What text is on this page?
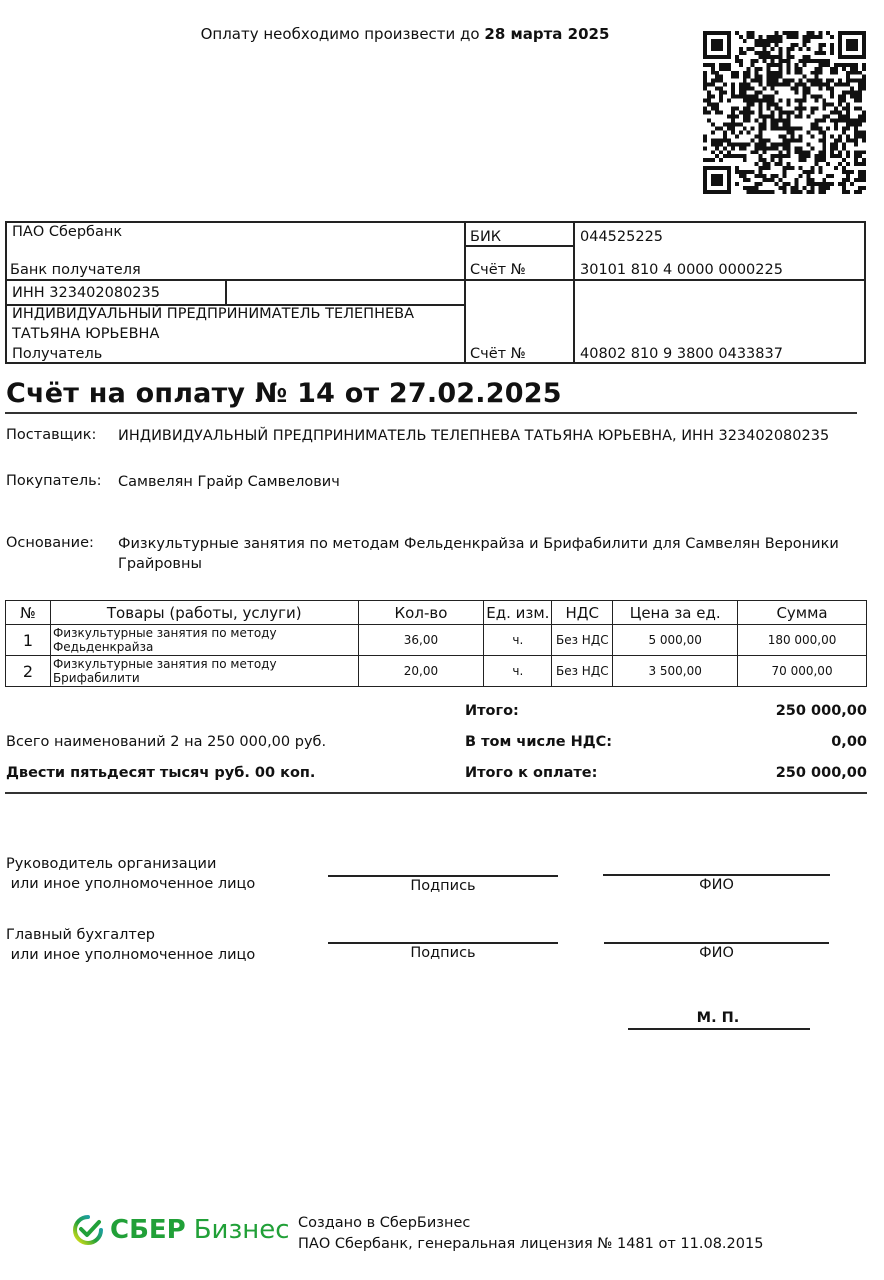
Оплату необходимо произвести до 28 марта 2025
ПАО Сбербанк
Банк получателя
БИК	044525225
Счёт №	30101 810 4 0000 0000225
ИНН 323402080235
ИНДИВИДУАЛЬНЫЙ ПРЕДПРИНИМАТЕЛЬ ТЕЛЕПНЕВА
ТАТЬЯНА ЮРЬЕВНА
Получатель	Счёт №	40802 810 9 3800 0433837
Счёт на оплату № 14 от 27.02.2025
Поставщик: ИНДИВИДУАЛЬНЫЙ ПРЕДПРИНИМАТЕЛЬ ТЕЛЕПНЕВА ТАТЬЯНА ЮРЬЕВНА, ИНН 323402080235
Покупатель: Самвелян Грайр Самвелович
Основание: Физкультурные занятия по методам Фельденкрайза и Брифабилити для Самвелян Вероники Грайровны
№	Товары (работы, услуги)	Кол-во	Ед. изм.	НДС	Цена за ед.	Сумма
1	Физкультурные занятия по методу
Федьденкрайза	36,00	ч.	Без НДС	5 000,00	180 000,00
2	Физкультурные занятия по методу
Брифабилити	20,00	ч.	Без НДС	3 500,00	70 000,00
Итого:	250 000,00
Всего наименований 2 на 250 000,00 руб.	В том числе НДС:	0,00
Двести пятьдесят тысяч руб. 00 коп.	Итого к оплате:	250 000,00
Руководитель организации
или иное уполномоченное лицо	Подпись	ФИО
Главный бухгалтер
или иное уполномоченное лицо	Подпись	ФИО
М. П.
СБЕР Бизнес Создано в СберБизнес
ПАО Сбербанк, генеральная лицензия № 1481 от 11.08.2015
